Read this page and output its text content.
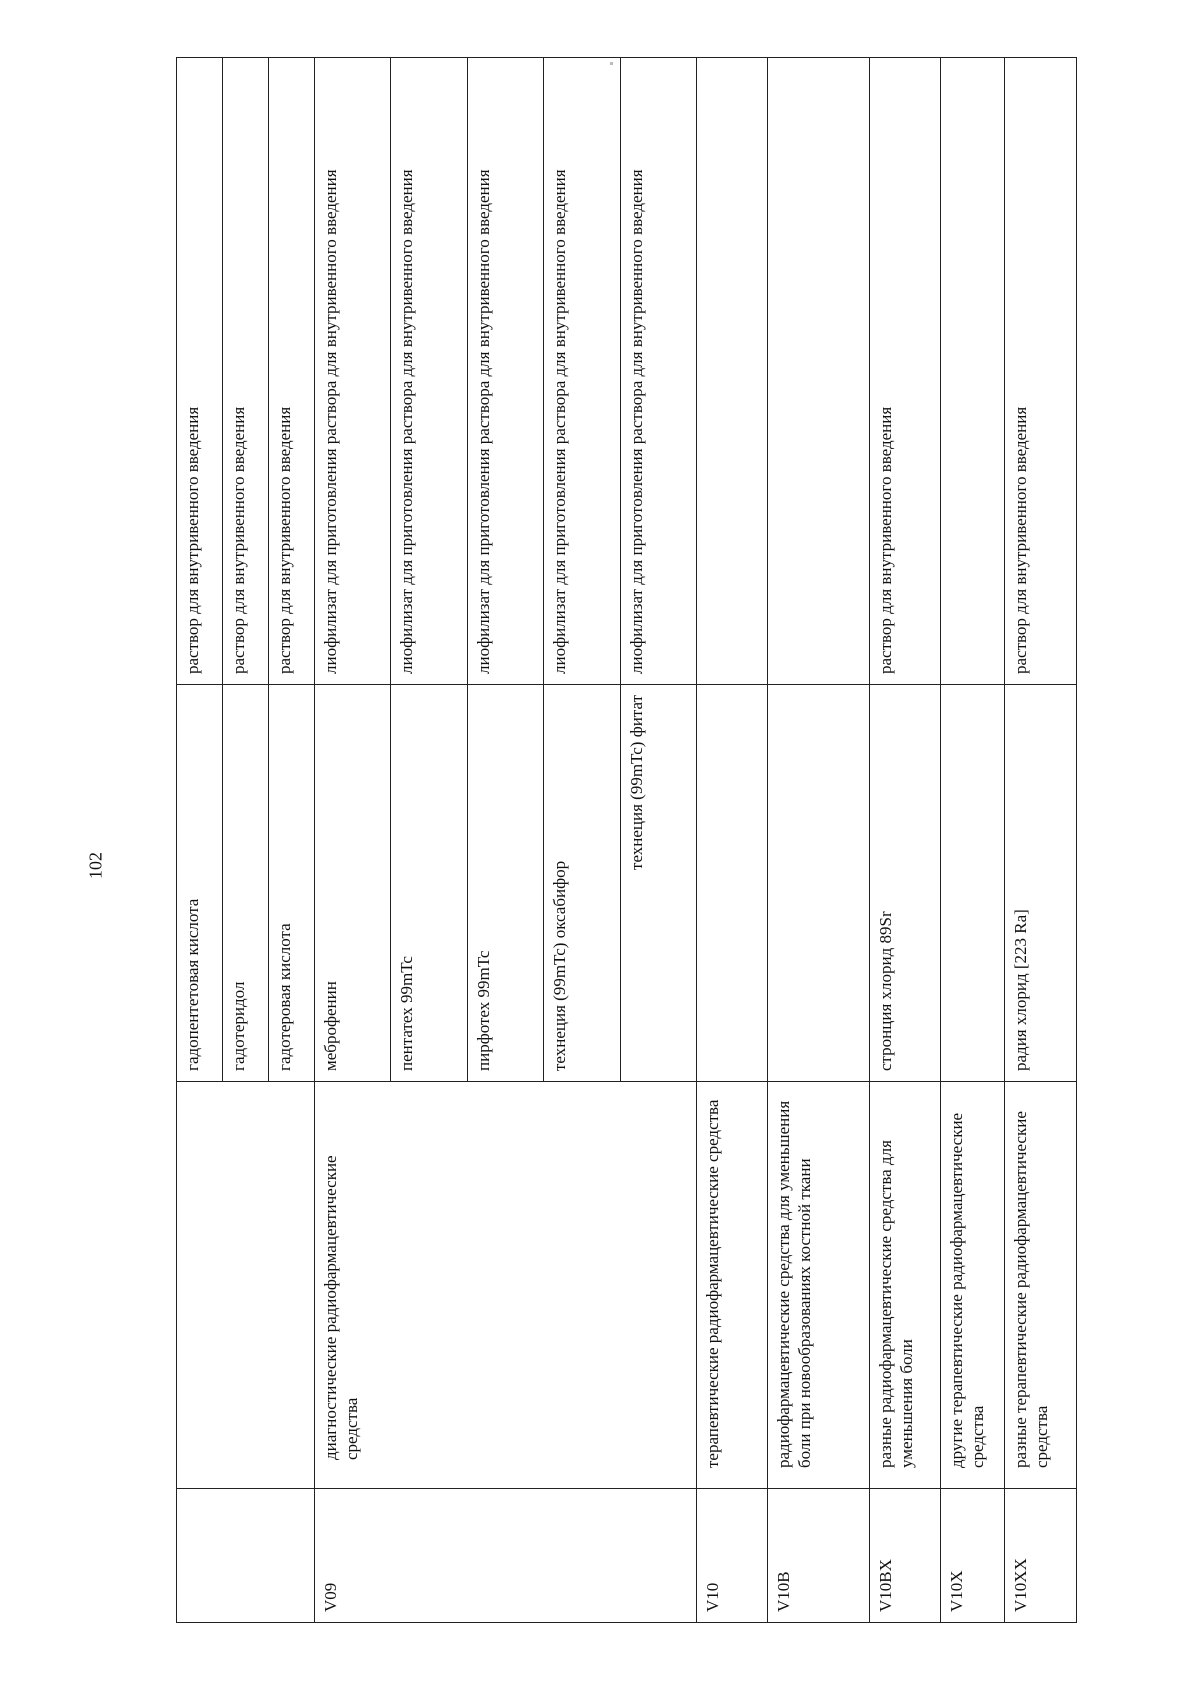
102
		гадопентетовая кислота	раствор для внутривенного введения
		гадотеридол	раствор для внутривенного введения
		гадотеровая кислота	раствор для внутривенного введения
V09	диагностические радиофармацевтические средства	меброфенин	лиофилизат для приготовления раствора для внутривенного введения
		пентатех 99mTc	лиофилизат для приготовления раствора для внутривенного введения
		пирфотех 99mTc	лиофилизат для приготовления раствора для внутривенного введения
		технеция (99mTc) оксабифор	лиофилизат для приготовления раствора для внутривенного введения
		технеция (99mTc) фитат	лиофилизат для приготовления раствора для внутривенного введения
V10	терапевтические радиофармацевтические средства		
V10B	радиофармацевтические средства для уменьшения боли при новообразованиях костной ткани		
V10BX	разные радиофармацевтические средства для уменьшения боли	стронция хлорид 89Sr	раствор для внутривенного введения
V10X	другие терапевтические радиофармацевтические средства		
V10XX	разные терапевтические радиофармацевтические средства	радия хлорид [223 Ra]	раствор для внутривенного введения
